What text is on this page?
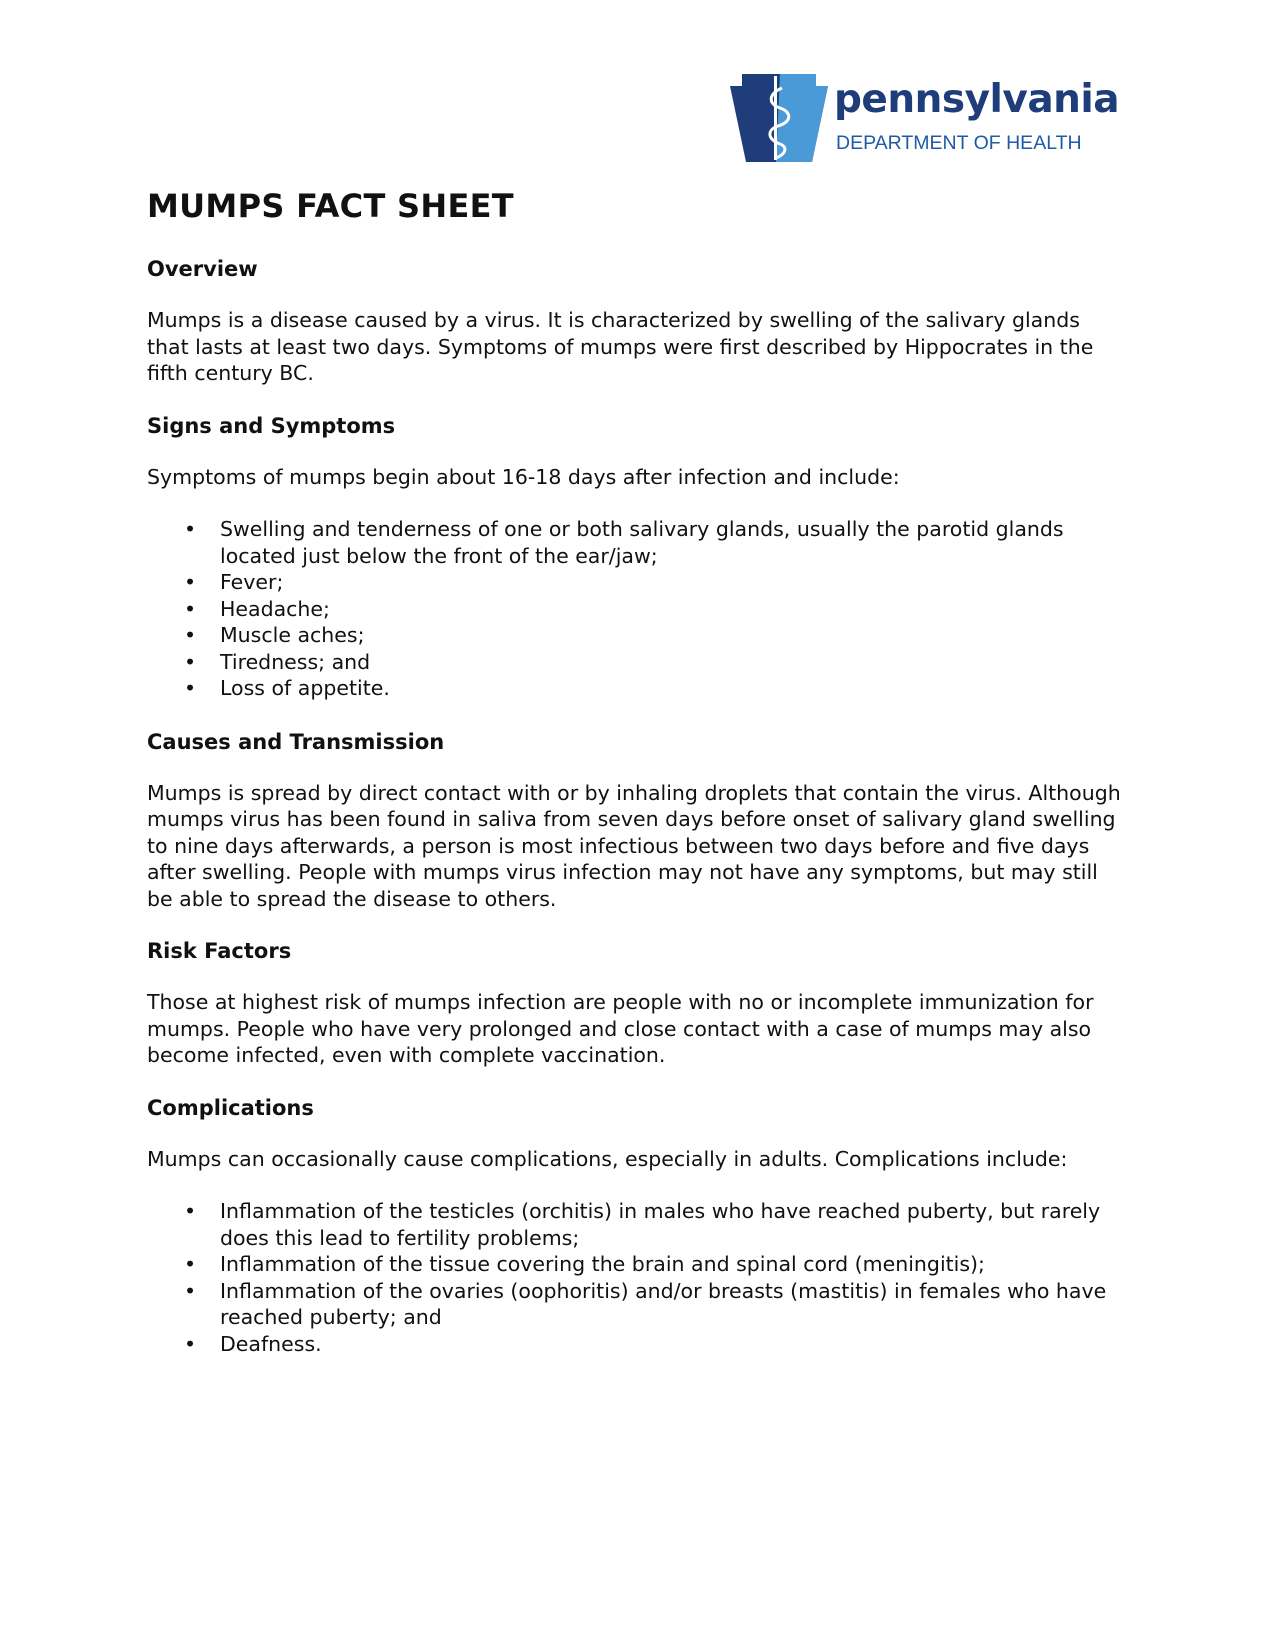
pennsylvania
DEPARTMENT OF HEALTH
MUMPS FACT SHEET
Overview

Mumps is a disease caused by a virus. It is characterized by swelling of the salivary glands that lasts at least two days. Symptoms of mumps were first described by Hippocrates in the fifth century BC.

Signs and Symptoms

Symptoms of mumps begin about 16-18 days after infection and include:

• Swelling and tenderness of one or both salivary glands, usually the parotid glands located just below the front of the ear/jaw;
• Fever;
• Headache;
• Muscle aches;
• Tiredness; and
• Loss of appetite.
Causes and Transmission

Mumps is spread by direct contact with or by inhaling droplets that contain the virus. Although mumps virus has been found in saliva from seven days before onset of salivary gland swelling to nine days afterwards, a person is most infectious between two days before and five days after swelling. People with mumps virus infection may not have any symptoms, but may still be able to spread the disease to others.

Risk Factors

Those at highest risk of mumps infection are people with no or incomplete immunization for mumps. People who have very prolonged and close contact with a case of mumps may also become infected, even with complete vaccination.

Complications

Mumps can occasionally cause complications, especially in adults. Complications include:

• Inflammation of the testicles (orchitis) in males who have reached puberty, but rarely does this lead to fertility problems;
• Inflammation of the tissue covering the brain and spinal cord (meningitis);
• Inflammation of the ovaries (oophoritis) and/or breasts (mastitis) in females who have reached puberty; and
• Deafness.
